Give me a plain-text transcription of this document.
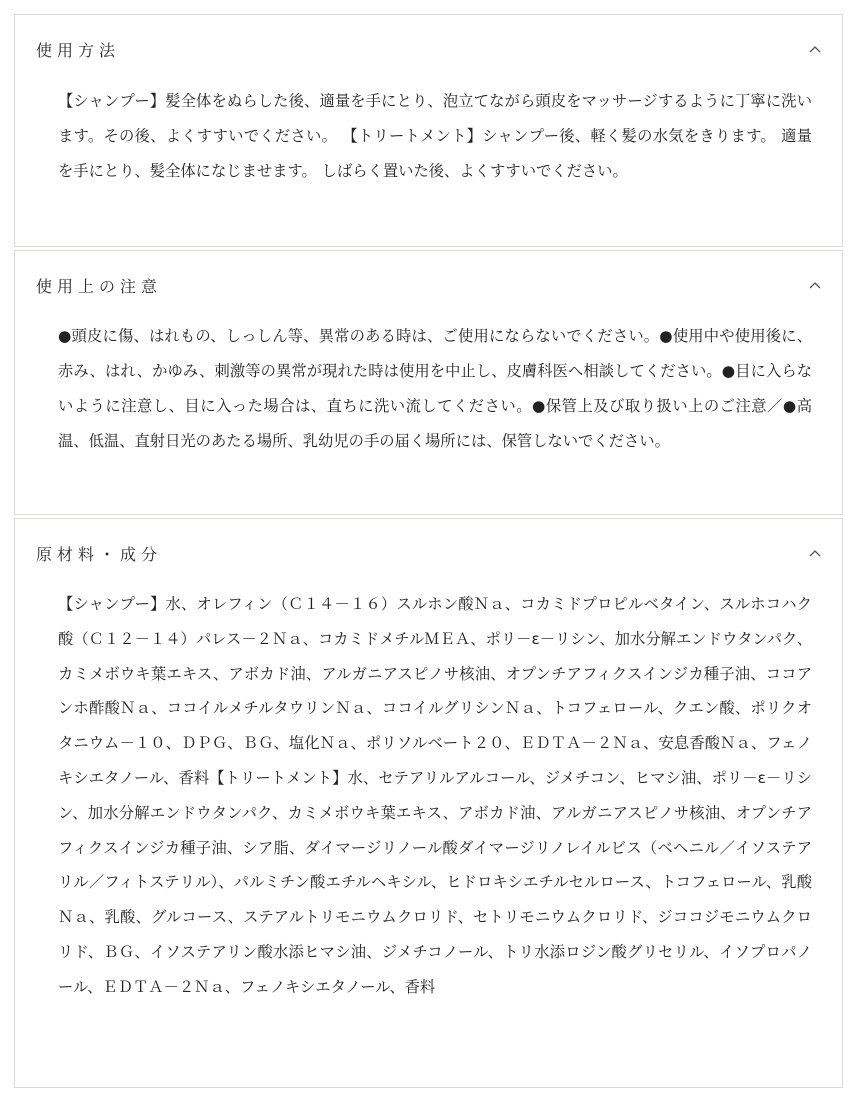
使用方法
【シャンプー】髪全体をぬらした後、適量を手にとり、泡立てながら頭皮をマッサージするように丁寧に洗います。その後、よくすすいでください。 【トリートメント】シャンプー後、軽く髪の水気をきります。 適量を手にとり、髪全体になじませます。 しばらく置いた後、よくすすいでください。
使用上の注意
●頭皮に傷、はれもの、しっしん等、異常のある時は、ご使用にならないでください。●使用中や使用後に、赤み、はれ、かゆみ、刺激等の異常が現れた時は使用を中止し、皮膚科医へ相談してください。●目に入らないように注意し、目に入った場合は、直ちに洗い流してください。●保管上及び取り扱い上のご注意／●高温、低温、直射日光のあたる場所、乳幼児の手の届く場所には、保管しないでください。
原材料・成分
【シャンプー】水、オレフィン（Ｃ１４－１６）スルホン酸Ｎａ、コカミドプロピルベタイン、スルホコハク酸（Ｃ１２－１４）パレス－２Ｎａ、コカミドメチルＭＥＡ、ポリ－ε－リシン、加水分解エンドウタンパク、カミメボウキ葉エキス、アボカド油、アルガニアスピノサ核油、オプンチアフィクスインジカ種子油、ココアンホ酢酸Ｎａ、ココイルメチルタウリンＮａ、ココイルグリシンＮａ、トコフェロール、クエン酸、ポリクオタニウム－１０、ＤＰＧ、ＢＧ、塩化Ｎａ、ポリソルベート２０、ＥＤＴＡ－２Ｎａ、安息香酸Ｎａ、フェノキシエタノール、香料【トリートメント】水、セテアリルアルコール、ジメチコン、ヒマシ油、ポリ－ε－リシン、加水分解エンドウタンパク、カミメボウキ葉エキス、アボカド油、アルガニアスピノサ核油、オプンチアフィクスインジカ種子油、シア脂、ダイマージリノール酸ダイマージリノレイルビス（ベヘニル／イソステアリル／フィトステリル）、パルミチン酸エチルヘキシル、ヒドロキシエチルセルロース、トコフェロール、乳酸Ｎａ、乳酸、グルコース、ステアルトリモニウムクロリド、セトリモニウムクロリド、ジココジモニウムクロリド、ＢＧ、イソステアリン酸水添ヒマシ油、ジメチコノール、トリ水添ロジン酸グリセリル、イソプロパノール、ＥＤＴＡ－２Ｎａ、フェノキシエタノール、香料
